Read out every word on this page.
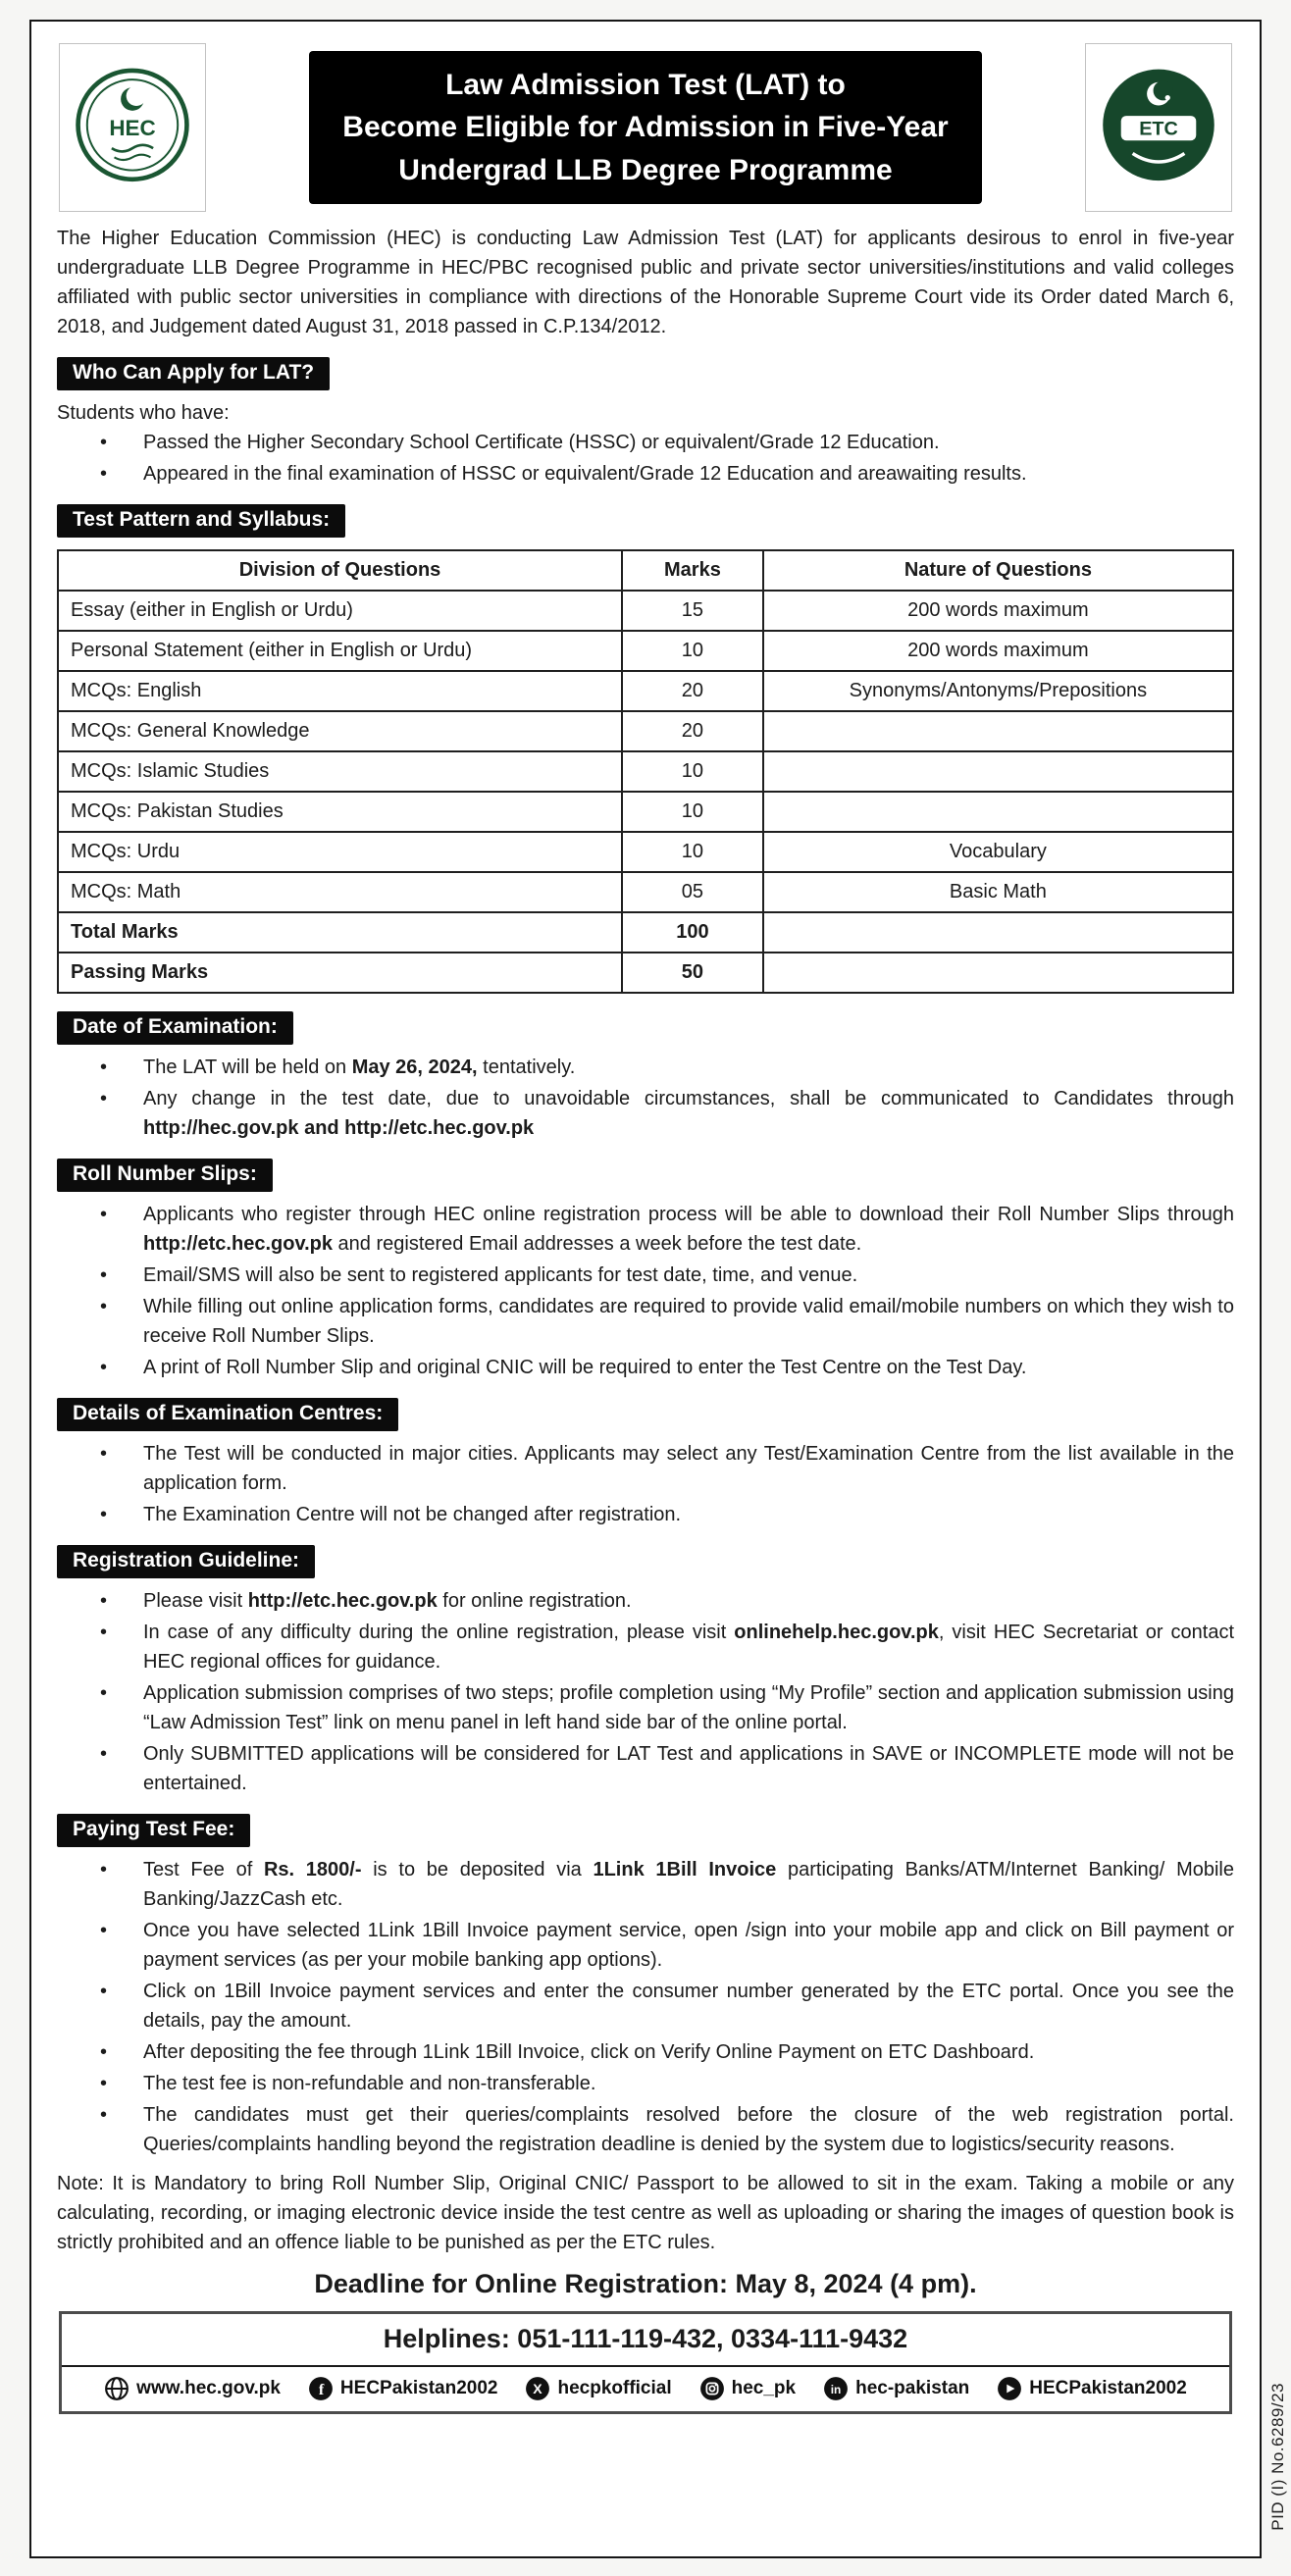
HEC
Law Admission Test (LAT) to
Become Eligible for Admission in Five-Year
Undergrad LLB Degree Programme
ETC

The Higher Education Commission (HEC) is conducting Law Admission Test (LAT) for applicants desirous to enrol in five-year undergraduate LLB Degree Programme in HEC/PBC recognised public and private sector universities/institutions and valid colleges affiliated with public sector universities in compliance with directions of the Honorable Supreme Court vide its Order dated March 6, 2018, and Judgement dated August 31, 2018 passed in C.P.134/2012.

Who Can Apply for LAT?
Students who have:
•	Passed the Higher Secondary School Certificate (HSSC) or equivalent/Grade 12 Education.
•	Appeared in the final examination of HSSC or equivalent/Grade 12 Education and areawaiting results.
Test Pattern and Syllabus:
Division of Questions	Marks	Nature of Questions
Essay (either in English or Urdu)	15	200 words maximum
Personal Statement (either in English or Urdu)	10	200 words maximum
MCQs: English	20	Synonyms/Antonyms/Prepositions
MCQs: General Knowledge	20	
MCQs: Islamic Studies	10	
MCQs: Pakistan Studies	10	
MCQs: Urdu	10	Vocabulary
MCQs: Math	05	Basic Math
Total Marks	100	
Passing Marks	50	
Date of Examination:
•	The LAT will be held on May 26, 2024, tentatively.
•	Any change in the test date, due to unavoidable circumstances, shall be communicated to Candidates through http://hec.gov.pk and http://etc.hec.gov.pk
Roll Number Slips:
•	Applicants who register through HEC online registration process will be able to download their Roll Number Slips through http://etc.hec.gov.pk and registered Email addresses a week before the test date.
•	Email/SMS will also be sent to registered applicants for test date, time, and venue.
•	While filling out online application forms, candidates are required to provide valid email/mobile numbers on which they wish to receive Roll Number Slips.
•	A print of Roll Number Slip and original CNIC will be required to enter the Test Centre on the Test Day.
Details of Examination Centres:
•	The Test will be conducted in major cities. Applicants may select any Test/Examination Centre from the list available in the application form.
•	The Examination Centre will not be changed after registration.
Registration Guideline:
•	Please visit http://etc.hec.gov.pk for online registration.
•	In case of any difficulty during the online registration, please visit onlinehelp.hec.gov.pk, visit HEC Secretariat or contact HEC regional offices for guidance.
•	Application submission comprises of two steps; profile completion using “My Profile” section and application submission using “Law Admission Test” link on menu panel in left hand side bar of the online portal.
•	Only SUBMITTED applications will be considered for LAT Test and applications in SAVE or INCOMPLETE mode will not be entertained.
Paying Test Fee:
•	Test Fee of Rs. 1800/- is to be deposited via 1Link 1Bill Invoice participating Banks/ATM/Internet Banking/ Mobile Banking/JazzCash etc.
•	Once you have selected 1Link 1Bill Invoice payment service, open /sign into your mobile app and click on Bill payment or payment services (as per your mobile banking app options).
•	Click on 1Bill Invoice payment services and enter the consumer number generated by the ETC portal. Once you see the details, pay the amount.
•	After depositing the fee through 1Link 1Bill Invoice, click on Verify Online Payment on ETC Dashboard.
•	The test fee is non-refundable and non-transferable.
•	The candidates must get their queries/complaints resolved before the closure of the web registration portal. Queries/complaints handling beyond the registration deadline is denied by the system due to logistics/security reasons.

Note: It is Mandatory to bring Roll Number Slip, Original CNIC/ Passport to be allowed to sit in the exam. Taking a mobile or any calculating, recording, or imaging electronic device inside the test centre as well as uploading or sharing the images of question book is strictly prohibited and an offence liable to be punished as per the ETC rules.

Deadline for Online Registration: May 8, 2024 (4 pm).
Helplines: 051-111-119-432, 0334-111-9432
www.hec.gov.pk	f HECPakistan2002	X hecpkofficial	hec_pk	in hec-pakistan	HECPakistan2002	PID (I) No.6289/23
